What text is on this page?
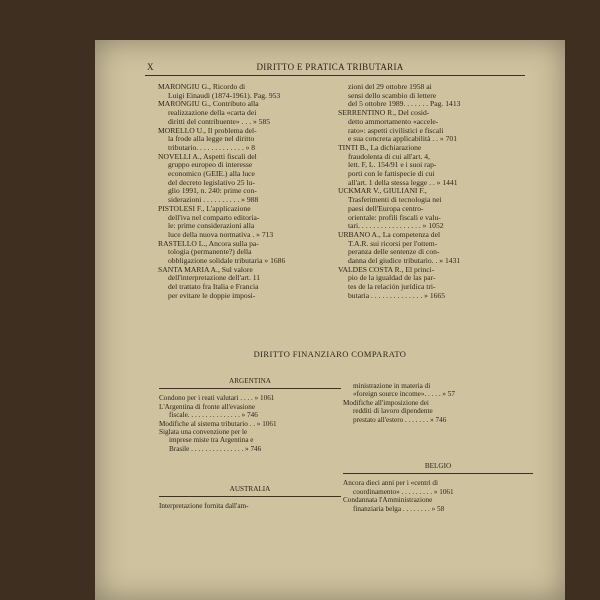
X	DIRITTO E PRATICA TRIBUTARIA
MARONGIU G., Ricordo di
Luigi Einaudi (1874-1961). Pag. 953
MARONGIU G., Contributo alla
realizzazione della «carta dei
diritti del contribuente» . . . » 585
MORELLO U., Il problema del-
la frode alla legge nel diritto
tributario. . . . . . . . . . . . . » 8
NOVELLI A., Aspetti fiscali del
gruppo europeo di interesse
economico (GEIE.) alla luce
del decreto legislativo 25 lu-
glio 1991, n. 240: prime con-
siderazioni . . . . . . . . . . » 988
PISTOLESI F., L'applicazione
dell'iva nel comparto editoria-
le: prime considerazioni alla
luce della nuova normativa . » 713
RASTELLO L., Ancora sulla pa-
tologia (permanente?) della
obbligazione solidale tributaria » 1686
SANTA MARIA A., Sul valore
dell'interpretazione dell'art. 11
del trattato fra Italia e Francia
per evitare le doppie imposi-
zioni del 29 ottobre 1958 ai
sensi dello scambio di lettere
del 5 ottobre 1989. . . . . . . Pag. 1413
SERRENTINO R., Del cosid-
detto ammortamento «accele-
rato»: aspetti civilistici e fiscali
e sua concreta applicabilità . . » 701
TINTI B., La dichiarazione
fraudolenta di cui all'art. 4,
lett. F, L. 154/91 e i suoi rap-
porti con le fattispecie di cui
all'art. 1 della stessa legge . . » 1441
UCKMAR V., GIULIANI F.,
Trasferimenti di tecnologia nei
paesi dell'Europa centro-
orientale: profili fiscali e valu-
tari. . . . . . . . . . . . . . . . . » 1052
URBANO A., La competenza del
T.A.R. sui ricorsi per l'ottem-
peranza delle sentenze di con-
danna del giudice tributario. . » 1431
VALDES COSTA R., El princi-
pio de la igualdad de las par-
tes de la relación jurídica tri-
butaria . . . . . . . . . . . . . . » 1665
DIRITTO FINANZIARO COMPARATO
ARGENTINA
Condono per i reati valutari . . . . » 1061
L'Argentina di fronte all'evasione
fiscale. . . . . . . . . . . . . . . » 746
Modifiche al sistema tributario . . » 1061
Siglata una convenzione per le
imprese miste tra Argentina e
Brasile . . . . . . . . . . . . . . . » 746
AUSTRALIA
Interpretazione fornita dall'am-
ministrazione in materia di
«foreign source income». . . . . » 57
Modifiche all'imposizione dei
redditi di lavoro dipendente
prestato all'estero . . . . . . . » 746
BELGIO
Ancora dieci anni per i «centri di
coordinamento» . . . . . . . . . » 1061
Condannata l'Amministrazione
finanziaria belga . . . . . . . . » 58
